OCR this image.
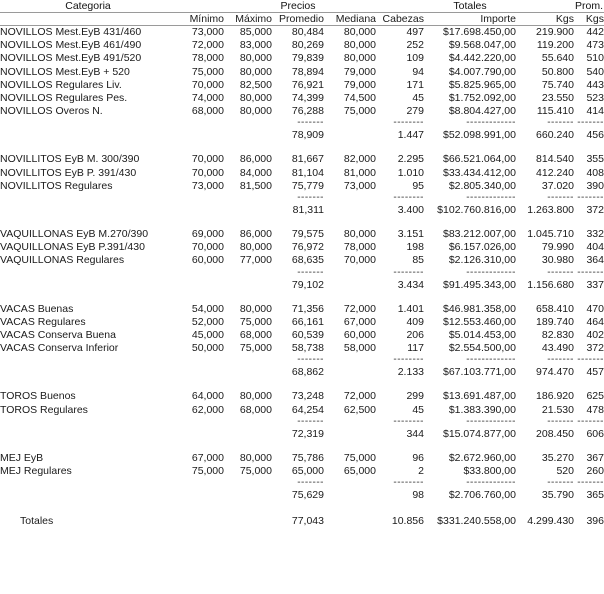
Categoria			Precios			Totales		Prom.
	Mínimo	Máximo	Promedio	Mediana	Cabezas	Importe	Kgs	Kgs
NOVILLOS Mest.EyB 431/460	73,000	85,000	80,484	80,000	497	$17.698.450,00	219.900	442
NOVILLOS Mest.EyB 461/490	72,000	83,000	80,269	80,000	252	$9.568.047,00	119.200	473
NOVILLOS Mest.EyB 491/520	78,000	80,000	79,839	80,000	109	$4.442.220,00	55.640	510
NOVILLOS Mest.EyB + 520	75,000	80,000	78,894	79,000	94	$4.007.790,00	50.800	540
NOVILLOS Regulares Liv.	70,000	82,500	76,921	79,000	171	$5.825.965,00	75.740	443
NOVILLOS Regulares Pes.	74,000	80,000	74,399	74,500	45	$1.752.092,00	23.550	523
NOVILLOS Overos N.	68,000	80,000	76,288	75,000	279	$8.804.427,00	115.410	414
			-------		--------	-------------	-------	-------
			78,909		1.447	$52.098.991,00	660.240	456

NOVILLITOS EyB M. 300/390	70,000	86,000	81,667	82,000	2.295	$66.521.064,00	814.540	355
NOVILLITOS EyB P. 391/430	70,000	84,000	81,104	81,000	1.010	$33.434.412,00	412.240	408
NOVILLITOS Regulares	73,000	81,500	75,779	73,000	95	$2.805.340,00	37.020	390
			-------		--------	-------------	-------	-------
			81,311		3.400	$102.760.816,00	1.263.800	372

VAQUILLONAS EyB M.270/390	69,000	86,000	79,575	80,000	3.151	$83.212.007,00	1.045.710	332
VAQUILLONAS EyB P.391/430	70,000	80,000	76,972	78,000	198	$6.157.026,00	79.990	404
VAQUILLONAS Regulares	60,000	77,000	68,635	70,000	85	$2.126.310,00	30.980	364
			-------		--------	-------------	-------	-------
			79,102		3.434	$91.495.343,00	1.156.680	337

VACAS Buenas	54,000	80,000	71,356	72,000	1.401	$46.981.358,00	658.410	470
VACAS Regulares	52,000	75,000	66,161	67,000	409	$12.553.460,00	189.740	464
VACAS Conserva Buena	45,000	68,000	60,539	60,000	206	$5.014.453,00	82.830	402
VACAS Conserva Inferior	50,000	75,000	58,738	58,000	117	$2.554.500,00	43.490	372
			-------		--------	-------------	-------	-------
			68,862		2.133	$67.103.771,00	974.470	457

TOROS Buenos	64,000	80,000	73,248	72,000	299	$13.691.487,00	186.920	625
TOROS Regulares	62,000	68,000	64,254	62,500	45	$1.383.390,00	21.530	478
			-------		--------	-------------	-------	-------
			72,319		344	$15.074.877,00	208.450	606

MEJ EyB	67,000	80,000	75,786	75,000	96	$2.672.960,00	35.270	367
MEJ Regulares	75,000	75,000	65,000	65,000	2	$33.800,00	520	260
			-------		--------	-------------	-------	-------
			75,629		98	$2.706.760,00	35.790	365

Totales			77,043		10.856	$331.240.558,00	4.299.430	396
